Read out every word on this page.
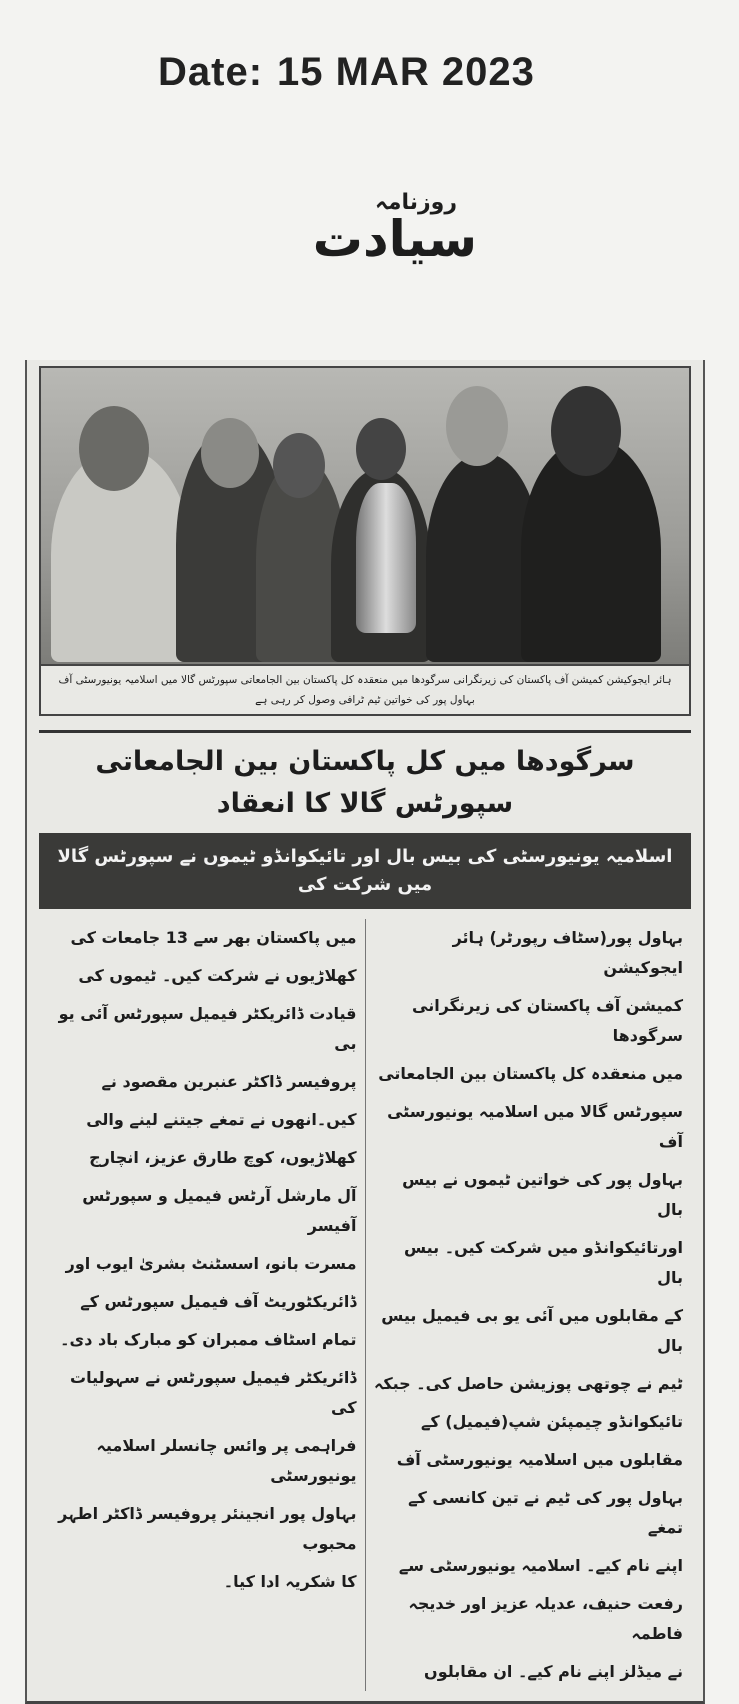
Date: 15 MAR 2023
روزنامہ
سیادت
ہائر ایجوکیشن کمیشن آف پاکستان کی زیرنگرانی سرگودھا میں منعقدہ کل پاکستان بین الجامعاتی سپورٹس گالا میں اسلامیہ یونیورسٹی آف
بہاول پور کی خواتین ٹیم ٹرافی وصول کر رہی ہے
سرگودھا میں کل پاکستان بین الجامعاتی سپورٹس گالا کا انعقاد
اسلامیہ یونیورسٹی کی بیس بال اور تائیکوانڈو ٹیموں نے سپورٹس گالا میں شرکت کی
بہاول پور(سٹاف رپورٹر) ہائر ایجوکیشن
کمیشن آف پاکستان کی زیرنگرانی سرگودھا
میں منعقدہ کل پاکستان بین الجامعاتی
سپورٹس گالا میں اسلامیہ یونیورسٹی آف
بہاول پور کی خواتین ٹیموں نے بیس بال
اورتائیکوانڈو میں شرکت کیں۔ بیس بال
کے مقابلوں میں آئی یو بی فیمیل بیس بال
ٹیم نے چوتھی پوزیشن حاصل کی۔ جبکہ
تائیکوانڈو چیمپئن شپ(فیمیل) کے
مقابلوں میں اسلامیہ یونیورسٹی آف
بہاول پور کی ٹیم نے تین کانسی کے تمغے
اپنے نام کیے۔ اسلامیہ یونیورسٹی سے
رفعت حنیف، عدیلہ عزیز اور خدیجہ فاطمہ
نے میڈلز اپنے نام کیے۔ ان مقابلوں
میں پاکستان بھر سے 13 جامعات کی
کھلاڑیوں نے شرکت کیں۔ ٹیموں کی
قیادت ڈائریکٹر فیمیل سپورٹس آئی یو بی
پروفیسر ڈاکٹر عنبرین مقصود نے
کیں۔انھوں نے تمغے جیتنے لینے والی
کھلاڑیوں، کوچ طارق عزیز، انچارج
آل مارشل آرٹس فیمیل و سپورٹس آفیسر
مسرت بانو، اسسٹنٹ بشریٰ ایوب اور
ڈائریکٹوریٹ آف فیمیل سپورٹس کے
تمام اسٹاف ممبران کو مبارک باد دی۔
ڈائریکٹر فیمیل سپورٹس نے سہولیات کی
فراہمی پر وائس چانسلر اسلامیہ یونیورسٹی
بہاول پور انجینئر پروفیسر ڈاکٹر اطہر محبوب
کا شکریہ ادا کیا۔
